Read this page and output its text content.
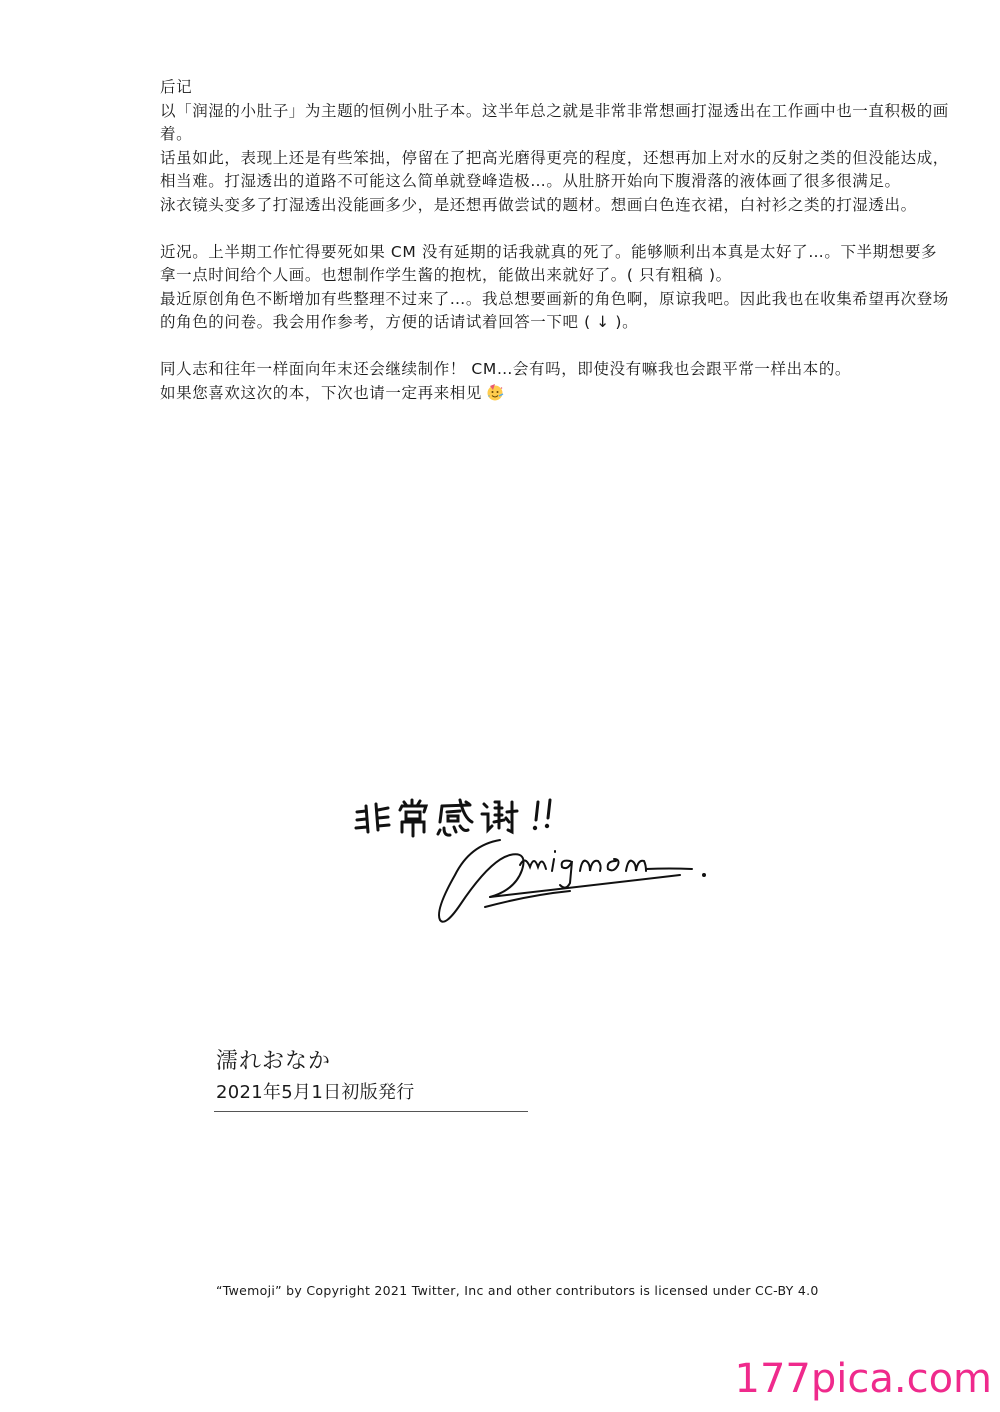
后记

以「润湿的小肚子」为主题的恒例小肚子本。这半年总之就是非常非常想画打湿透出在工作画中也一直积极的画着。

话虽如此，表现上还是有些笨拙，停留在了把高光磨得更亮的程度，还想再加上对水的反射之类的但没能达成，相当难。打湿透出的道路不可能这么简单就登峰造极…。从肚脐开始向下腹滑落的液体画了很多很满足。

泳衣镜头变多了打湿透出没能画多少，是还想再做尝试的题材。想画白色连衣裙，白衬衫之类的打湿透出。

近况。上半期工作忙得要死如果 CM 没有延期的话我就真的死了。能够顺利出本真是太好了…。下半期想要多拿一点时间给个人画。也想制作学生酱的抱枕，能做出来就好了。( 只有粗稿 )。

最近原创角色不断增加有些整理不过来了…。我总想要画新的角色啊，原谅我吧。因此我也在收集希望再次登场的角色的问卷。我会用作参考，方便的话请试着回答一下吧 ( ↓ )。

同人志和往年一样面向年末还会继续制作！ CM…会有吗，即使没有嘛我也会跟平常一样出本的。

如果您喜欢这次的本，下次也请一定再来相见

濡れおなか
2021年5月1日初版発行
“Twemoji” by Copyright 2021 Twitter, Inc and other contributors is licensed under CC-BY 4.0
177pica.com
